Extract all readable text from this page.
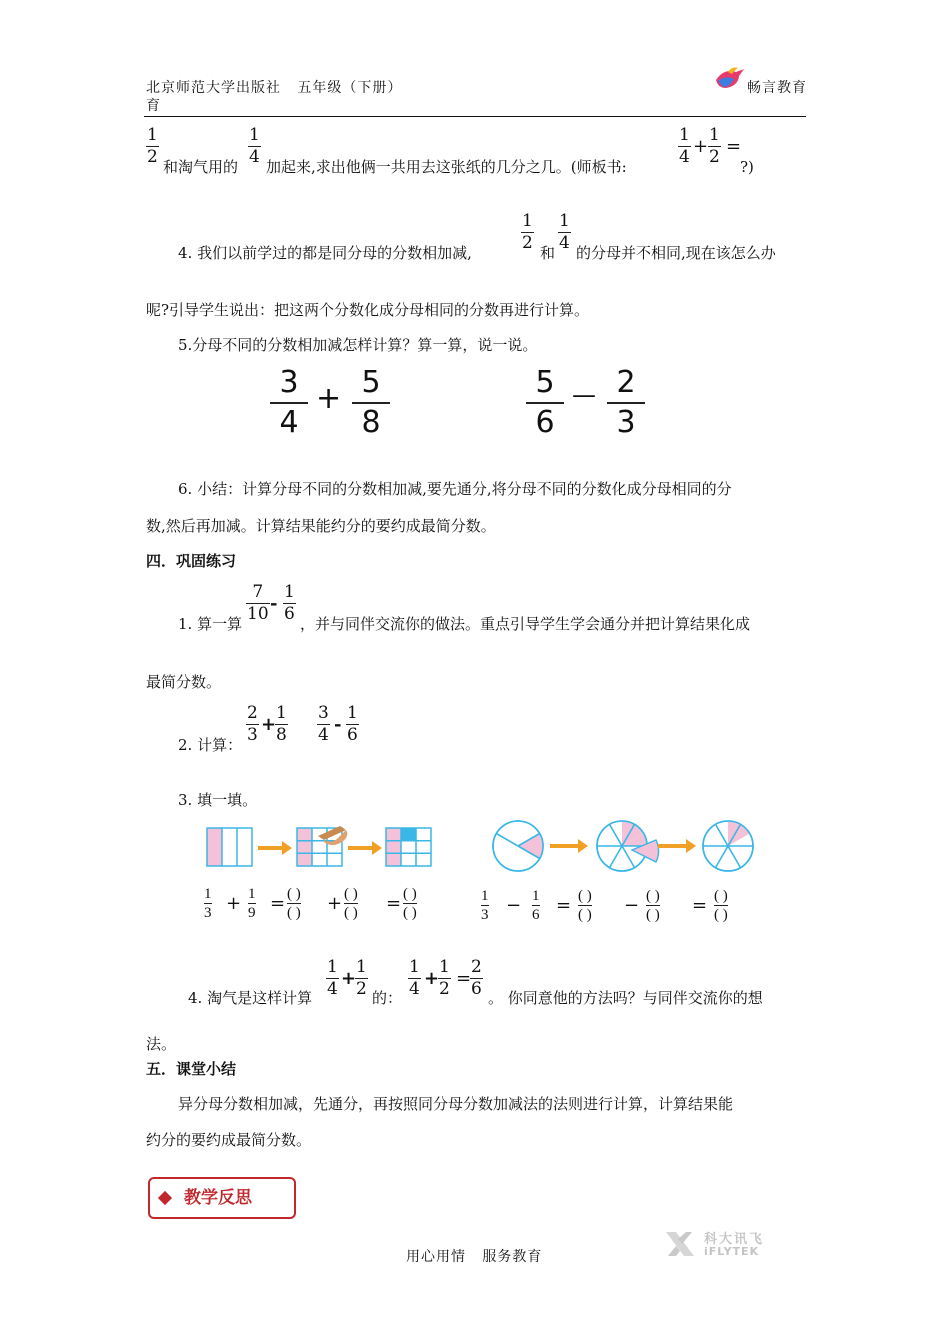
北京师范大学出版社 五年级（下册）
育
畅言教育
1
2 和淘气用的
1
4 加起来,求出他俩一共用去这张纸的几分之几。(师板书:
1
4 +
1
2 =
?)
4. 我们以前学过的都是同分母的分数相加减,
1
2 和
1
4 的分母并不相同,现在该怎么办
呢?引导学生说出：把这两个分数化成分母相同的分数再进行计算。
5.分母不同的分数相加减怎样计算？算一算，说一说。
3
4
+ 5
8
5
6
— 2
3
6. 小结：计算分母不同的分数相加减,要先通分,将分母不同的分数化成分母相同的分
数,然后再加减。计算结果能约分的要约成最简分数。
四．巩固练习
1. 算一算
7
10 -
1
6 ，并与同伴交流你的做法。重点引导学生学会通分并把计算结果化成
最简分数。
2. 计算：
2
3 +
1
8
3
4 -
1
6
3. 填一填。
1
3 + 1
9 = ( )
( ) + ( )
( ) = ( )
( )
1
3 − 1
6 = ( )
( ) − ( )
( ) = ( )
( )
4. 淘气是这样计算
1
4 +
1
2 的：
1
4 +
1
2 =
2
6 。 你同意他的方法吗？与同伴交流你的想
法。
五．课堂小结
异分母分数相加减，先通分，再按照同分母分数加减法的法则进行计算，计算结果能
约分的要约成最简分数。
教学反思
用心用情   服务教育
科大讯飞
iFLYTEK
